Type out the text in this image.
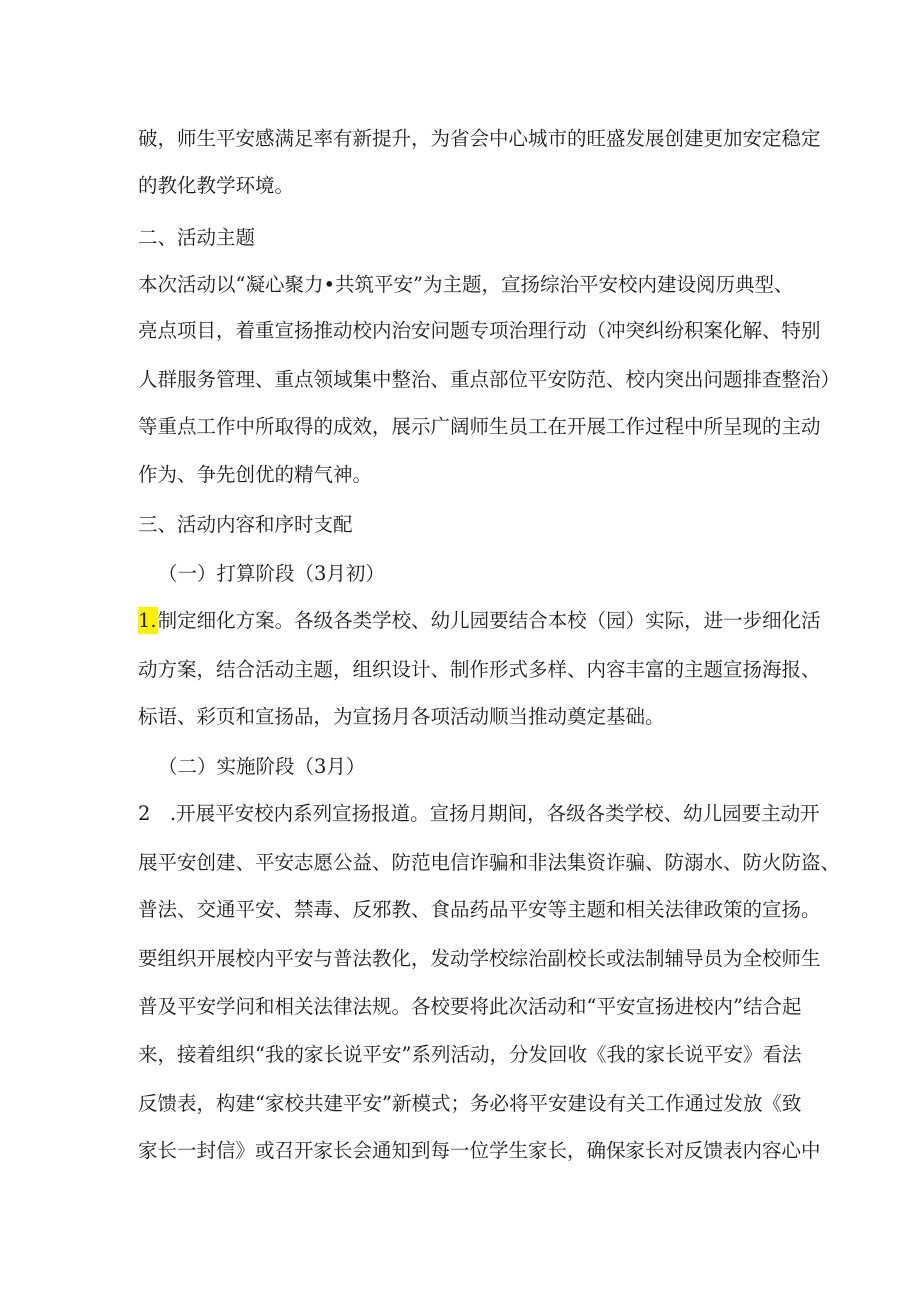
破，师生平安感满足率有新提升，为省会中心城市的旺盛发展创建更加安定稳定
的教化教学环境。
二、活动主题
本次活动以“凝心聚力•共筑平安”为主题，宣扬综治平安校内建设阅历典型、
亮点项目，着重宣扬推动校内治安问题专项治理行动（冲突纠纷积案化解、特别
人群服务管理、重点领域集中整治、重点部位平安防范、校内突出问题排查整治）
等重点工作中所取得的成效，展示广阔师生员工在开展工作过程中所呈现的主动
作为、争先创优的精气神。
三、活动内容和序时支配
（一）打算阶段（3月初）
1.制定细化方案。各级各类学校、幼儿园要结合本校（园）实际，进一步细化活
动方案，结合活动主题，组织设计、制作形式多样、内容丰富的主题宣扬海报、
标语、彩页和宣扬品，为宣扬月各项活动顺当推动奠定基础。
（二）实施阶段（3月）
2　.开展平安校内系列宣扬报道。宣扬月期间，各级各类学校、幼儿园要主动开
展平安创建、平安志愿公益、防范电信诈骗和非法集资诈骗、防溺水、防火防盗、
普法、交通平安、禁毒、反邪教、食品药品平安等主题和相关法律政策的宣扬。
要组织开展校内平安与普法教化，发动学校综治副校长或法制辅导员为全校师生
普及平安学问和相关法律法规。各校要将此次活动和“平安宣扬进校内”结合起
来，接着组织“我的家长说平安”系列活动，分发回收《我的家长说平安》看法
反馈表，构建“家校共建平安”新模式；务必将平安建设有关工作通过发放《致
家长一封信》或召开家长会通知到每一位学生家长，确保家长对反馈表内容心中
